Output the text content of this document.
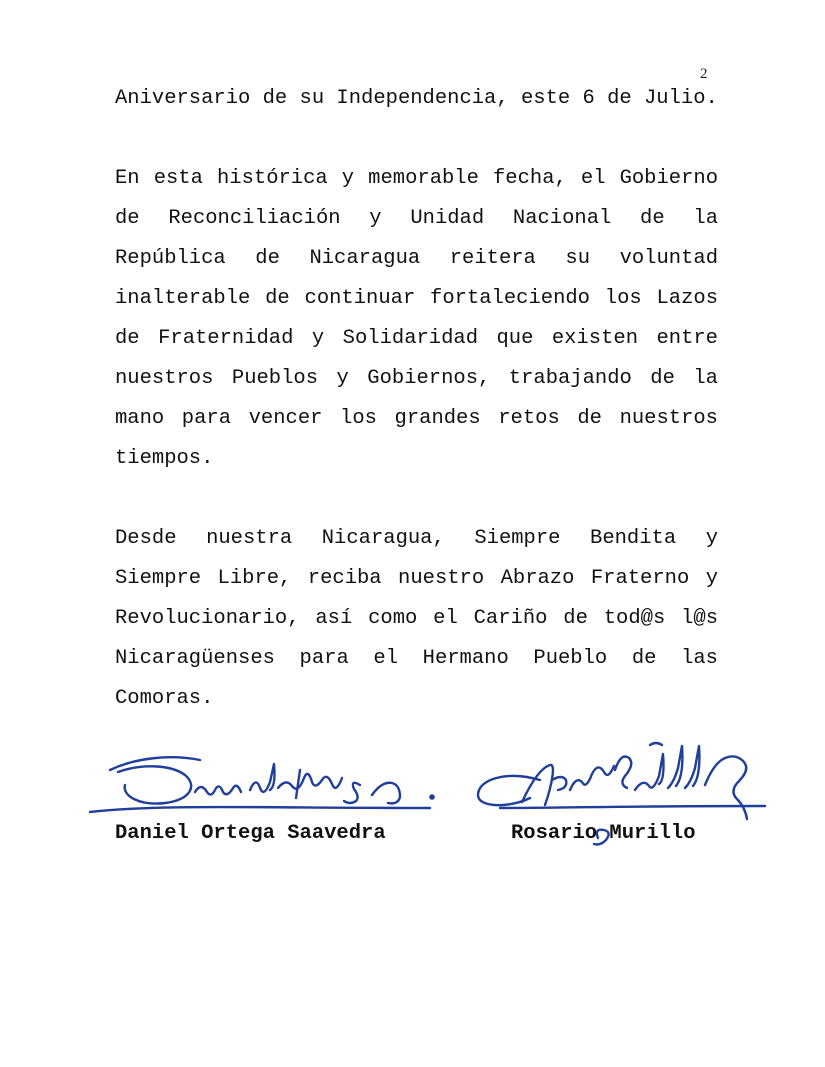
2

Aniversario de su Independencia, este 6 de Julio.

En esta histórica y memorable fecha, el Gobierno de Reconciliación y Unidad Nacional de la República de Nicaragua reitera su voluntad inalterable de continuar fortaleciendo los Lazos de Fraternidad y Solidaridad que existen entre nuestros Pueblos y Gobiernos, trabajando de la mano para vencer los grandes retos de nuestros tiempos.

Desde nuestra Nicaragua, Siempre Bendita y Siempre Libre, reciba nuestro Abrazo Fraterno y Revolucionario, así como el Cariño de tod@s l@s Nicaragüenses para el Hermano Pueblo de las Comoras.

Daniel Ortega Saavedra	Rosario Murillo
